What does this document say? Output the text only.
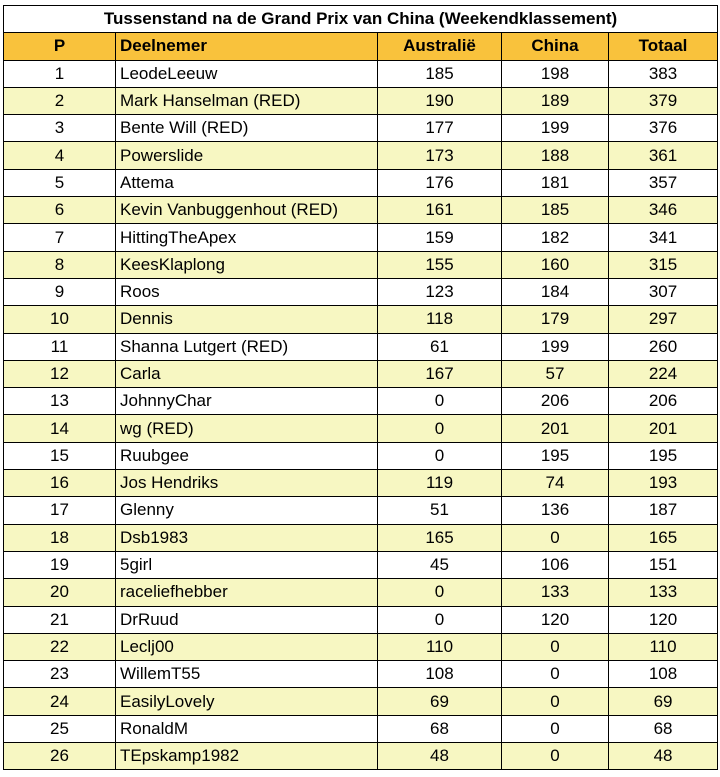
Tussenstand na de Grand Prix van China (Weekendklassement)				
P	Deelnemer	Australië	China	Totaal
1	LeodeLeeuw	185	198	383
2	Mark Hanselman (RED)	190	189	379
3	Bente Will (RED)	177	199	376
4	Powerslide	173	188	361
5	Attema	176	181	357
6	Kevin Vanbuggenhout (RED)	161	185	346
7	HittingTheApex	159	182	341
8	KeesKlaplong	155	160	315
9	Roos	123	184	307
10	Dennis	118	179	297
11	Shanna Lutgert (RED)	61	199	260
12	Carla	167	57	224
13	JohnnyChar	0	206	206
14	wg (RED)	0	201	201
15	Ruubgee	0	195	195
16	Jos Hendriks	119	74	193
17	Glenny	51	136	187
18	Dsb1983	165	0	165
19	5girl	45	106	151
20	raceliefhebber	0	133	133
21	DrRuud	0	120	120
22	Leclj00	110	0	110
23	WillemT55	108	0	108
24	EasilyLovely	69	0	69
25	RonaldM	68	0	68
26	TEpskamp1982	48	0	48
